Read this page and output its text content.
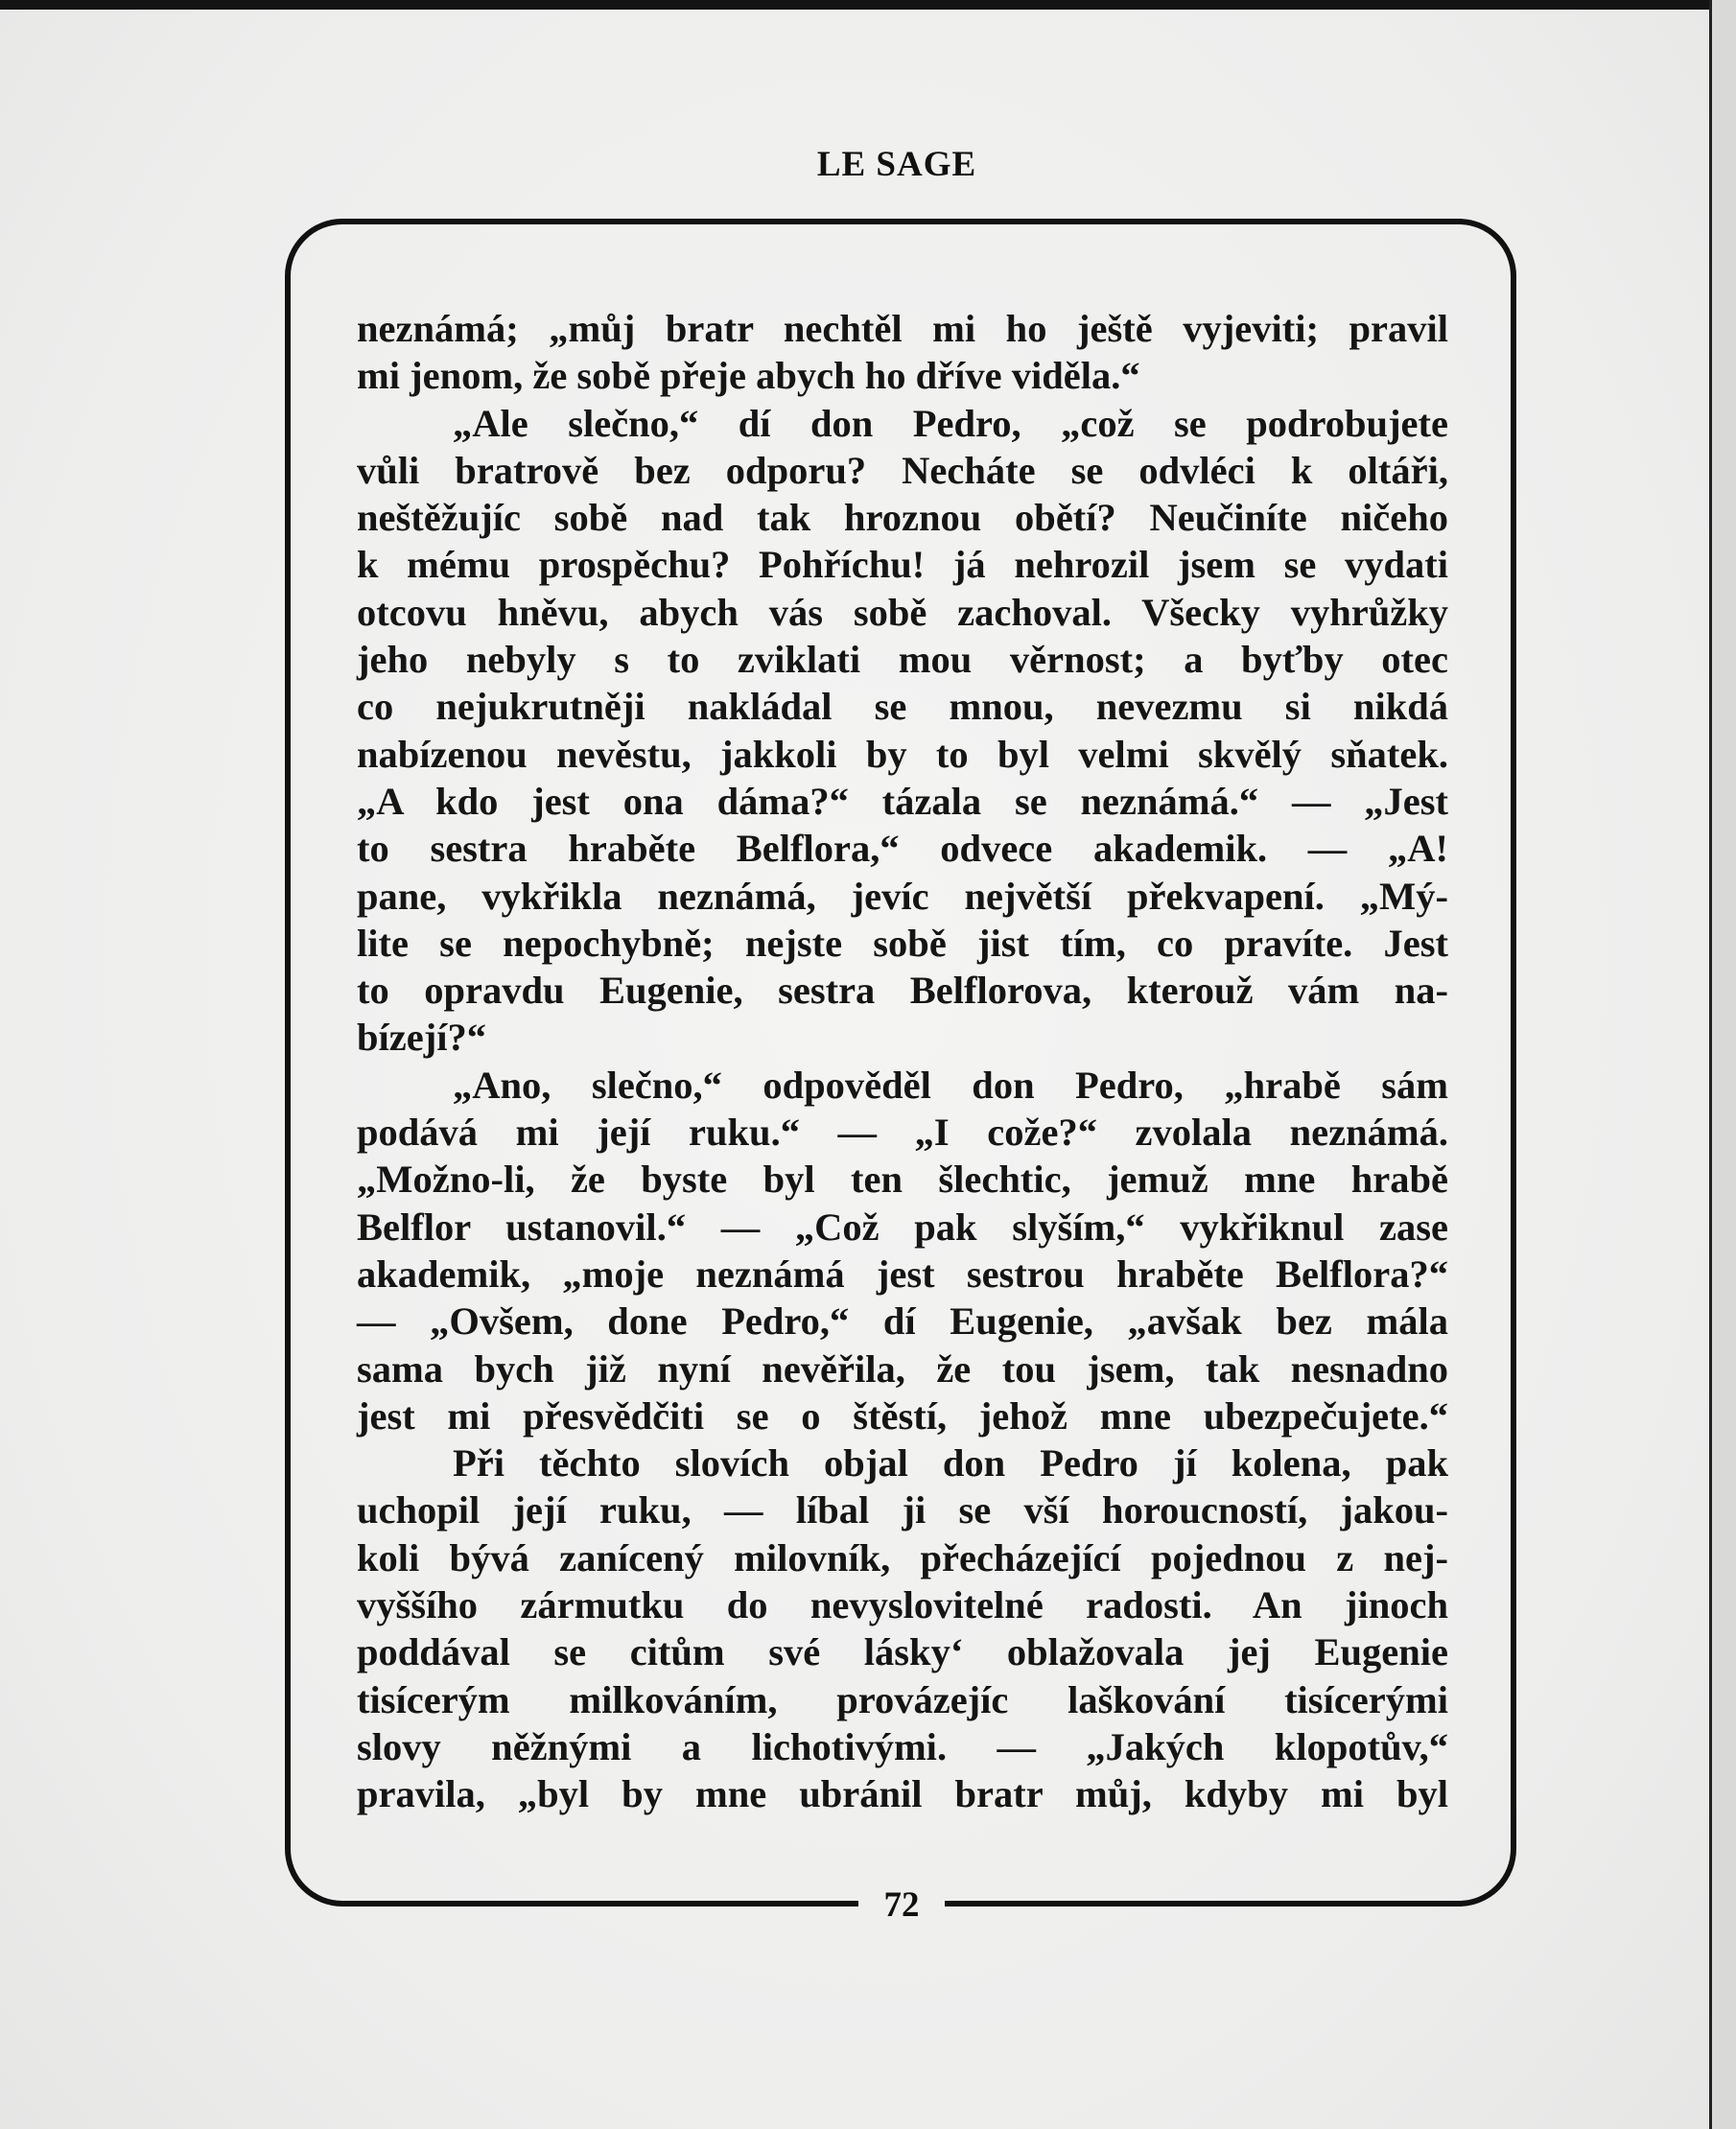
LE SAGE
neznámá; „můj bratr nechtěl mi ho ještě vyjeviti; pravil
mi jenom, že sobě přeje abych ho dříve viděla.“
„Ale slečno,“ dí don Pedro, „což se podrobujete
vůli bratrově bez odporu? Necháte se odvléci k oltáři,
neštěžujíc sobě nad tak hroznou obětí? Neučiníte ničeho
k mému prospěchu? Pohříchu! já nehrozil jsem se vydati
otcovu hněvu, abych vás sobě zachoval. Všecky vyhrůžky
jeho nebyly s to zviklati mou věrnost; a byťby otec
co nejukrutněji nakládal se mnou, nevezmu si nikdá
nabízenou nevěstu, jakkoli by to byl velmi skvělý sňatek.
„A kdo jest ona dáma?“ tázala se neznámá.“ — „Jest
to sestra hraběte Belflora,“ odvece akademik. — „A!
pane, vykřikla neznámá, jevíc největší překvapení. „Mý-
lite se nepochybně; nejste sobě jist tím, co pravíte. Jest
to opravdu Eugenie, sestra Belflorova, kterouž vám na-
bízejí?“
„Ano, slečno,“ odpověděl don Pedro, „hrabě sám
podává mi její ruku.“ — „I cože?“ zvolala neznámá.
„Možno-li, že byste byl ten šlechtic, jemuž mne hrabě
Belflor ustanovil.“ — „Což pak slyším,“ vykřiknul zase
akademik, „moje neznámá jest sestrou hraběte Belflora?“
— „Ovšem, done Pedro,“ dí Eugenie, „avšak bez mála
sama bych již nyní nevěřila, že tou jsem, tak nesnadno
jest mi přesvědčiti se o štěstí, jehož mne ubezpečujete.“
Při těchto slovích objal don Pedro jí kolena, pak
uchopil její ruku, — líbal ji se vší horoucností, jakou-
koli bývá zanícený milovník, přecházející pojednou z nej-
vyššího zármutku do nevyslovitelné radosti. An jinoch
poddával se citům své lásky‘ oblažovala jej Eugenie
tisícerým milkováním, provázejíc laškování tisícerými
slovy něžnými a lichotivými. — „Jakých klopotův,“
pravila, „byl by mne ubránil bratr můj, kdyby mi byl
72
